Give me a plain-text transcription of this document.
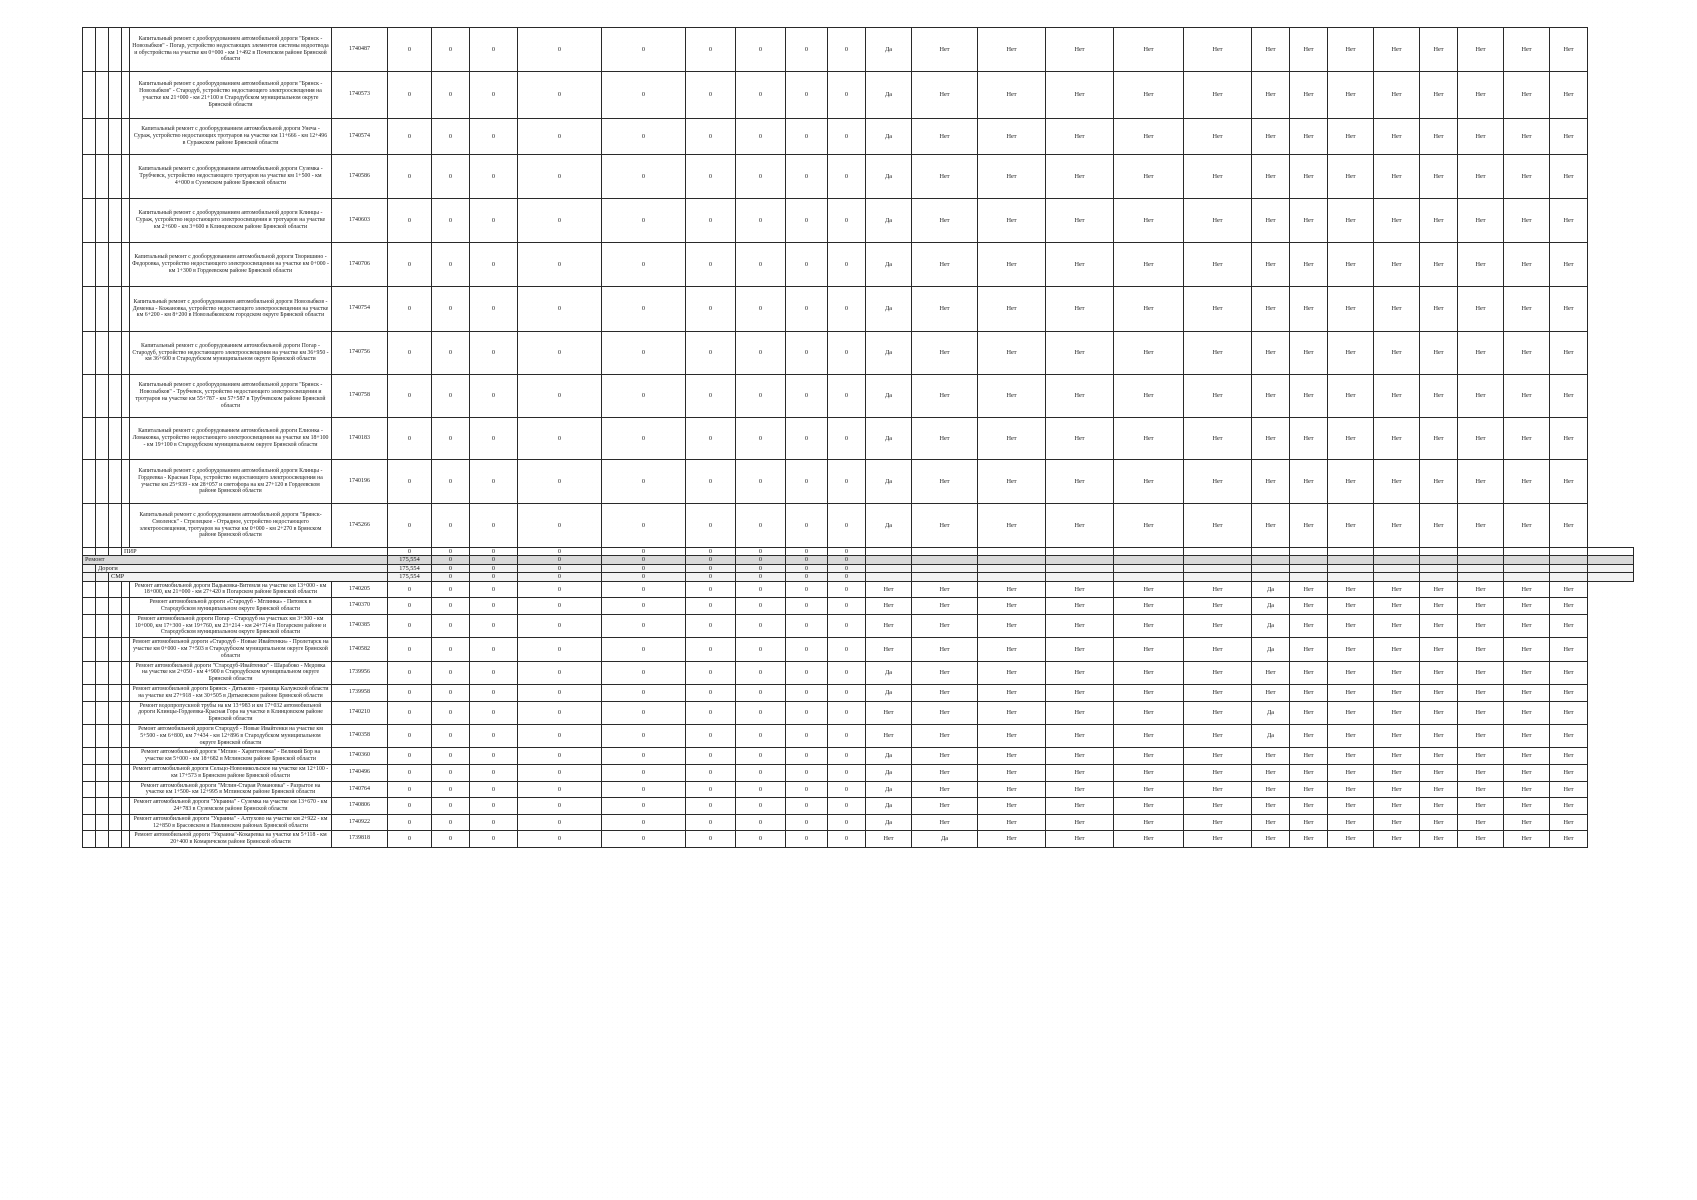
				Капитальный ремонт с дооборудованием автомобильной дороги "Брянск - Новозыбков" - Погар, устройство недостающих элементов системы водоотвода и обустройства на участке км 0+000 - км 1+492 в Почепском районе Брянской области	1740487	0	0	0	0	0	0	0	0	0	Да	Нет	Нет	Нет	Нет	Нет	Нет	Нет	Нет	Нет	Нет	Нет	Нет	Нет	
				Капитальный ремонт с дооборудованием автомобильной дороги "Брянск - Новозыбков" - Стародуб, устройство недостающего электроосвещения на участке км 21+000 - км 21+100 в Стародубском муниципальном округе Брянской области	1740573	0	0	0	0	0	0	0	0	0	Да	Нет	Нет	Нет	Нет	Нет	Нет	Нет	Нет	Нет	Нет	Нет	Нет	Нет	
				Капитальный ремонт с дооборудованием автомобильной дороги Унеча - Сураж, устройство недостающих тротуаров на участке км 11+666 - км 12+496 в Суражском районе Брянской области	1740574	0	0	0	0	0	0	0	0	0	Да	Нет	Нет	Нет	Нет	Нет	Нет	Нет	Нет	Нет	Нет	Нет	Нет	Нет	
				Капитальный ремонт с дооборудованием автомобильной дороги Суземка - Трубчевск, устройство недостающего тротуаров на участке км 1+500 - км 4+000 в Суземском районе Брянской области	1740586	0	0	0	0	0	0	0	0	0	Да	Нет	Нет	Нет	Нет	Нет	Нет	Нет	Нет	Нет	Нет	Нет	Нет	Нет	
				Капитальный ремонт с дооборудованием автомобильной дороги Клинцы - Сураж, устройство недостающего электроосвещения и тротуаров на участке км 2+600 - км 3+600 в Клинцовском районе Брянской области	1740603	0	0	0	0	0	0	0	0	0	Да	Нет	Нет	Нет	Нет	Нет	Нет	Нет	Нет	Нет	Нет	Нет	Нет	Нет	
				Капитальный ремонт с дооборудованием автомобильной дороги Творишино - Федоровка, устройство недостающего электроосвещения на участке км 0+000 - км 1+300 в Гордеевском районе Брянской области	1740706	0	0	0	0	0	0	0	0	0	Да	Нет	Нет	Нет	Нет	Нет	Нет	Нет	Нет	Нет	Нет	Нет	Нет	Нет	
				Капитальный ремонт с дооборудованием автомобильной дороги Новозыбков - Деменка - Кожановка, устройство недостающего электроосвещения на участке км 6+200 - км 8+200 в Новозыбковском городском округе Брянской области	1740754	0	0	0	0	0	0	0	0	0	Да	Нет	Нет	Нет	Нет	Нет	Нет	Нет	Нет	Нет	Нет	Нет	Нет	Нет	
				Капитальный ремонт с дооборудованием автомобильной дороги Погар - Стародуб, устройство недостающего электроосвещения на участке км 36+950 - км 36+600 в Стародубском муниципальном округе Брянской области	1740756	0	0	0	0	0	0	0	0	0	Да	Нет	Нет	Нет	Нет	Нет	Нет	Нет	Нет	Нет	Нет	Нет	Нет	Нет	
				Капитальный ремонт с дооборудованием автомобильной дороги "Брянск - Новозыбков" - Трубчевск, устройство недостающего электроосвещения и тротуаров на участке км 55+787 - км 57+587 в Трубчевском районе Брянской области	1740758	0	0	0	0	0	0	0	0	0	Да	Нет	Нет	Нет	Нет	Нет	Нет	Нет	Нет	Нет	Нет	Нет	Нет	Нет	
				Капитальный ремонт с дооборудованием автомобильной дороги Елионка - Ломаковка, устройство недостающего электроосвещения на участке км 18+100 - км 19+100 в Стародубском муниципальном округе Брянской области	1740183	0	0	0	0	0	0	0	0	0	Да	Нет	Нет	Нет	Нет	Нет	Нет	Нет	Нет	Нет	Нет	Нет	Нет	Нет	
				Капитальный ремонт с дооборудованием автомобильной дороги Клинцы - Гордеевка - Красная Гора, устройство недостающего электроосвещения на участке км 25+939 - км 28+057 и светофора на км 27+120 в Гордеевском районе Брянской области	1740196	0	0	0	0	0	0	0	0	0	Да	Нет	Нет	Нет	Нет	Нет	Нет	Нет	Нет	Нет	Нет	Нет	Нет	Нет	
				Капитальный ремонт с дооборудованием автомобильной дороги "Брянск-Смоленск" - Стрелецкое - Отрадное, устройство недостающего электроосвещения, тротуаров на участке км 0+000 - км 2+270 в Брянском районе Брянской области	1745266	0	0	0	0	0	0	0	0	0	Да	Нет	Нет	Нет	Нет	Нет	Нет	Нет	Нет	Нет	Нет	Нет	Нет	Нет	
			ПИР			0	0	0	0	0	0	0	0	0															
Ремонт						175,554	0	0	0	0	0	0	0	0															
	Дороги					175,554	0	0	0	0	0	0	0	0															
		СМР				175,554	0	0	0	0	0	0	0	0															
				Ремонт автомобильной дороги Вадьковка-Витемля на участке км 13+000 - км 18+000, км 21+000 - км 27+420 в Погарском районе Брянской области	1740205	0	0	0	0	0	0	0	0	0	Нет	Нет	Нет	Нет	Нет	Нет	Да	Нет	Нет	Нет	Нет	Нет	Нет	Нет	
				Ремонт автомобильной дороги «Стародуб - Мглинка» - Пятовск в Стародубском муниципальном округе Брянской области	1740370	0	0	0	0	0	0	0	0	0	Нет	Нет	Нет	Нет	Нет	Нет	Да	Нет	Нет	Нет	Нет	Нет	Нет	Нет	
				Ремонт автомобильной дороги Погар - Стародуб на участках км 3+300 - км 10+000, км 17+300 - км 19+760, км 23+214 - км 24+714 в Погарском районе и Стародубском муниципальном округе Брянской области	1740385	0	0	0	0	0	0	0	0	0	Нет	Нет	Нет	Нет	Нет	Нет	Да	Нет	Нет	Нет	Нет	Нет	Нет	Нет	
				Ремонт автомобильной дороги «Стародуб - Новые Ивайтенки» - Пролетарск на участке км 0+000 - км 7+503 в Стародубском муниципальном округе Брянской области	1740582	0	0	0	0	0	0	0	0	0	Нет	Нет	Нет	Нет	Нет	Нет	Да	Нет	Нет	Нет	Нет	Нет	Нет	Нет	
				Ремонт автомобильной дороги "Стародуб-Ивайтенки" - Шарабоко - Медовка на участке км 2+050 - км 4+900 в Стародубском муниципальном округе Брянской области	1739956	0	0	0	0	0	0	0	0	0	Да	Нет	Нет	Нет	Нет	Нет	Нет	Нет	Нет	Нет	Нет	Нет	Нет	Нет	
				Ремонт автомобильной дороги Брянск - Дятьково - граница Калужской области на участке км 27+918 - км 30+505 в Дятьковском районе Брянской области	1739958	0	0	0	0	0	0	0	0	0	Да	Нет	Нет	Нет	Нет	Нет	Нет	Нет	Нет	Нет	Нет	Нет	Нет	Нет	
				Ремонт водопропускной трубы на км 13+983 и км 17+032 автомобильной дороги Клинцы-Гордеевка-Красная Гора на участке в Клинцовском районе Брянской области	1740210	0	0	0	0	0	0	0	0	0	Нет	Нет	Нет	Нет	Нет	Нет	Да	Нет	Нет	Нет	Нет	Нет	Нет	Нет	
				Ремонт автомобильной дороги Стародуб - Новые Ивайтенки на участке км 5+500 - км 6+800, км 7+434 - км 12+896 в Стародубском муниципальном округе Брянской области	1740358	0	0	0	0	0	0	0	0	0	Нет	Нет	Нет	Нет	Нет	Нет	Да	Нет	Нет	Нет	Нет	Нет	Нет	Нет	
				Ремонт автомобильной дороги "Мглин - Харитоновка" - Великий Бор на участке км 5+000 - км 18+682 в Мглинском районе Брянской области	1740360	0	0	0	0	0	0	0	0	0	Да	Нет	Нет	Нет	Нет	Нет	Нет	Нет	Нет	Нет	Нет	Нет	Нет	Нет	
				Ремонт автомобильной дороги Сельцо-Новоникольское на участке км 12+100 - км 17+573 в Брянском районе Брянской области	1740496	0	0	0	0	0	0	0	0	0	Да	Нет	Нет	Нет	Нет	Нет	Нет	Нет	Нет	Нет	Нет	Нет	Нет	Нет	
				Ремонт автомобильной дороги "Мглин-Старая Романовка" - Разрытое на участке км 1+500- км 12+995 в Мглинском районе Брянской области	1740764	0	0	0	0	0	0	0	0	0	Да	Нет	Нет	Нет	Нет	Нет	Нет	Нет	Нет	Нет	Нет	Нет	Нет	Нет	
				Ремонт автомобильной дороги "Украина" - Суземка на участке км 13+670 - км 24+783 в Суземском районе Брянской области	1740806	0	0	0	0	0	0	0	0	0	Да	Нет	Нет	Нет	Нет	Нет	Нет	Нет	Нет	Нет	Нет	Нет	Нет	Нет	
				Ремонт автомобильной дороги "Украина" - Алтухово на участке км 2+922 - км 12+850 в Брасовском и Навлинском районах Брянской области	1740922	0	0	0	0	0	0	0	0	0	Да	Нет	Нет	Нет	Нет	Нет	Нет	Нет	Нет	Нет	Нет	Нет	Нет	Нет	
				Ремонт автомобильной дороги "Украина"-Кокаревка на участке км 5+118 - км 20+400 в Комаричском районе Брянской области	1739818	0	0	0	0	0	0	0	0	0	Нет	Да	Нет	Нет	Нет	Нет	Нет	Нет	Нет	Нет	Нет	Нет	Нет	Нет	
